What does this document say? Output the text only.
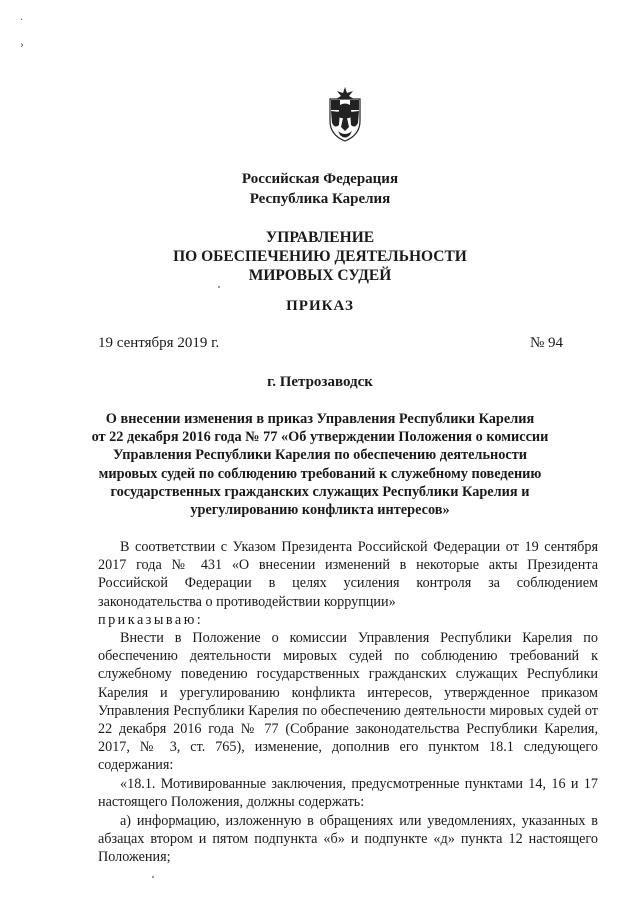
.
›
Российская Федерация
Республика Карелия
УПРАВЛЕНИЕ
ПО ОБЕСПЕЧЕНИЮ ДЕЯТЕЛЬНОСТИ
МИРОВЫХ СУДЕЙ
ПРИКАЗ
19 сентября 2019 г.	№ 94
г. Петрозаводск
О внесении изменения в приказ Управления Республики Карелия
от 22 декабря 2016 года № 77 «Об утверждении Положения о комиссии
Управления Республики Карелия по обеспечению деятельности
мировых судей по соблюдению требований к служебному поведению
государственных гражданских служащих Республики Карелия и
урегулированию конфликта интересов»
В соответствии с Указом Президента Российской Федерации от 19 сентября 2017 года № 431 «О внесении изменений в некоторые акты Президента Российской Федерации в целях усиления контроля за соблюдением законодательства о противодействии коррупции»
приказываю:
Внести в Положение о комиссии Управления Республики Карелия по обеспечению деятельности мировых судей по соблюдению требований к служебному поведению государственных гражданских служащих Республики Карелия и урегулированию конфликта интересов, утвержденное приказом Управления Республики Карелия по обеспечению деятельности мировых судей от 22 декабря 2016 года № 77 (Собрание законодательства Республики Карелия, 2017, № 3, ст. 765), изменение, дополнив его пунктом 18.1 следующего содержания:
«18.1. Мотивированные заключения, предусмотренные пунктами 14, 16 и 17 настоящего Положения, должны содержать:
а) информацию, изложенную в обращениях или уведомлениях, указанных в абзацах втором и пятом подпункта «б» и подпункте «д» пункта 12 настоящего Положения;
